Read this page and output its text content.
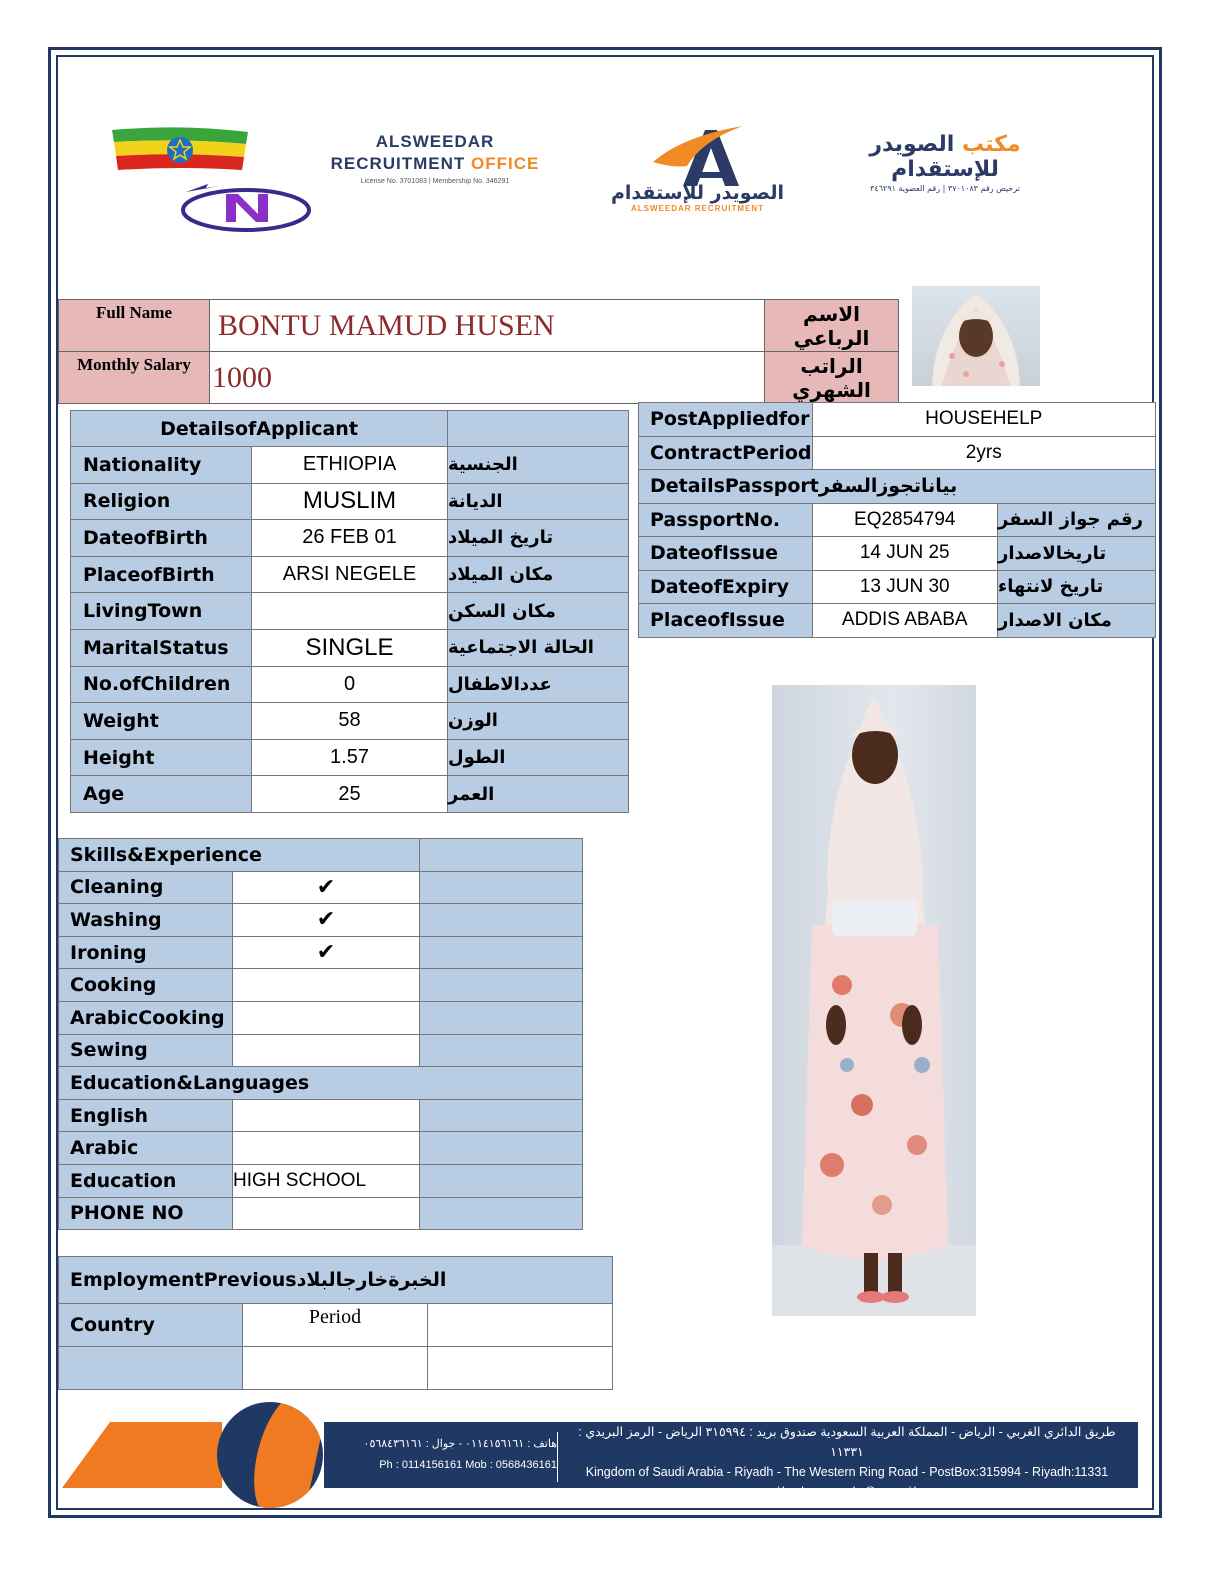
ALSWEEDAR
RECRUITMENT OFFICE
License No. 3701083 | Membership No. 346291
الصويدر للإستقدام
ALSWEEDAR RECRUITMENT
مكتب الصويدر للإستقدام
ترخيص رقم ٣٧٠١٠٨٣ | رقم العضوية ٣٤٦٢٩١
Full Name	BONTU MAMUD HUSEN	الاسم الرباعي
Monthly Salary	1000	الراتب الشهري
DetailsofApplicant		
Nationality	ETHIOPIA	الجنسية
Religion	MUSLIM	الديانة
DateofBirth	26 FEB 01	تاريخ الميلاد
PlaceofBirth	ARSI NEGELE	مكان الميلاد
LivingTown		مكان السكن
MaritalStatus	SINGLE	الحالة الاجتماعية
No.ofChildren	0	عددالاطفال
Weight	58	الوزن
Height	1.57	الطول
Age	25	العمر
PostAppliedfor	HOUSEHELP	
ContractPeriod	2yrs	
DetailsPassportبياناتجوزالسفر		
PassportNo.	EQ2854794	رقم جواز السفر
DateofIssue	14 JUN 25	تاريخالاصدار
DateofExpiry	13 JUN 30	تاريخ لانتهاء
PlaceofIssue	ADDIS ABABA	مكان الاصدار
Skills&Experience		
Cleaning	✔	
Washing	✔	
Ironing	✔	
Cooking		
ArabicCooking		
Sewing		
Education&Languages		
English		
Arabic		
Education	HIGH SCHOOL	
PHONE NO		
EmploymentPreviousالخبرةخارجالبلاد		
Country	Period	

هاتف : ٠١١٤١٥٦١٦١ - جوال : ٠٥٦٨٤٣٦١٦١
Ph : 0114156161 Mob : 0568436161
طريق الدائري الغربي - الرياض - المملكة العربية السعودية صندوق بريد : ٣١٥٩٩٤ الرياض - الرمز البريدي : ١١٣٣١
Kingdom of Saudi Arabia - Riyadh - The Western Ring Road - PostBox:315994 - Riyadh:11331
e-mail:alssuaydr@gmail.com
